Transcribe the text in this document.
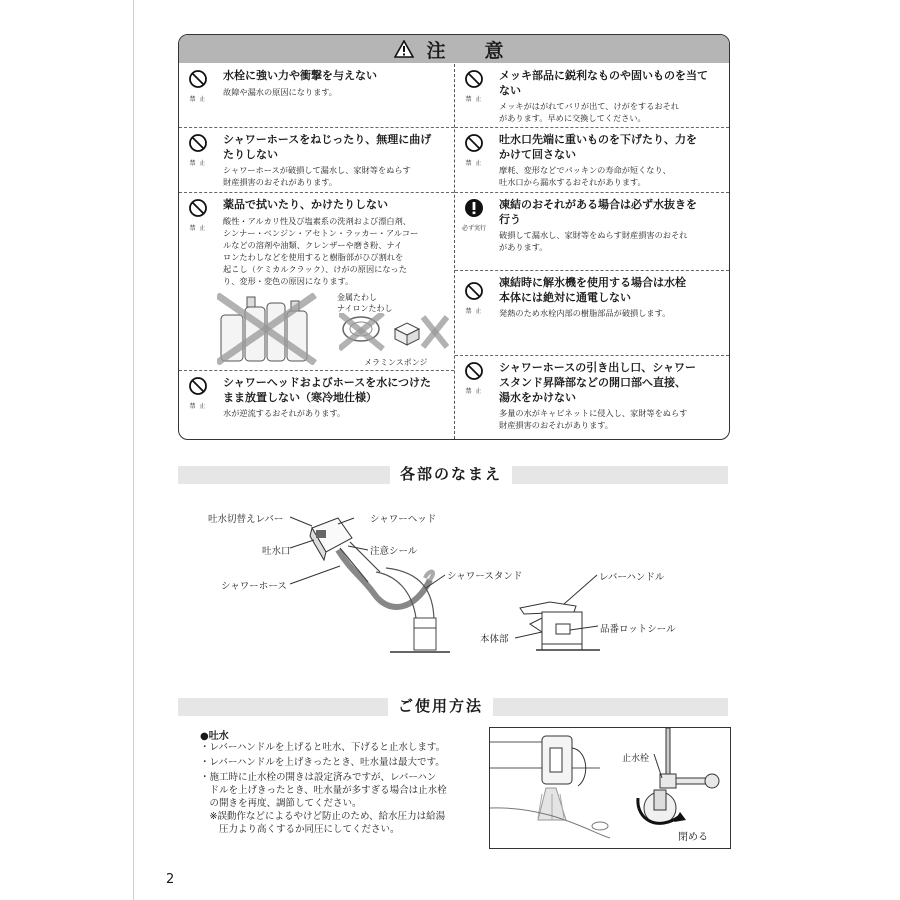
注　意
禁 止
水栓に強い力や衝撃を与えない

故障や漏水の原因になります。

禁 止
シャワーホースをねじったり、無理に曲げ
たりしない

シャワーホースが破損して漏水し、家財等をぬらす
財産損害のおそれがあります。

禁 止
薬品で拭いたり、かけたりしない

酸性・アルカリ性及び塩素系の洗剤および漂白剤、
シンナー・ベンジン・アセトン・ラッカー・アルコー
ルなどの溶剤や油類、クレンザーや磨き粉、ナイ
ロンたわしなどを使用すると樹脂部がひび割れを
起こし（ケミカルクラック）、けがの原因になった
り、変形・変色の原因になります。

金属たわし
ナイロンたわし
メラミンスポンジ
禁 止
シャワーヘッドおよびホースを水につけた
まま放置しない（寒冷地仕様）

水が逆流するおそれがあります。

禁 止
メッキ部品に鋭利なものや固いものを当て
ない

メッキがはがれてバリが出て、けがをするおそれ
があります。早めに交換してください。

禁 止
吐水口先端に重いものを下げたり、力を
かけて回さない

摩耗、変形などでパッキンの寿命が短くなり、
吐水口から漏水するおそれがあります。

必ず実行
凍結のおそれがある場合は必ず水抜きを
行う

破損して漏水し、家財等をぬらす財産損害のおそれ
があります。

禁 止
凍結時に解氷機を使用する場合は水栓
本体には絶対に通電しない

発熱のため水栓内部の樹脂部品が破損します。

禁 止
シャワーホースの引き出し口、シャワー
スタンド昇降部などの開口部へ直接、
湯水をかけない

多量の水がキャビネットに侵入し、家財等をぬらす
財産損害のおそれがあります。

各部のなまえ
吐水切替えレバー
吐水口
シャワーホース
シャワーヘッド
注意シール
シャワースタンド	レバーハンドル
本体部
品番ロットシール
ご使用方法
●吐水
・レバーハンドルを上げると吐水、下げると止水します。
・レバーハンドルを上げきったとき、吐水量は最大です。
・施工時に止水栓の開きは設定済みですが、レバーハン
　ドルを上げきったとき、吐水量が多すぎる場合は止水栓
　の開きを再度、調節してください。
　※誤動作などによるやけど防止のため、給水圧力は給湯
　　圧力より高くするか同圧にしてください。
止水栓
閉める
2
